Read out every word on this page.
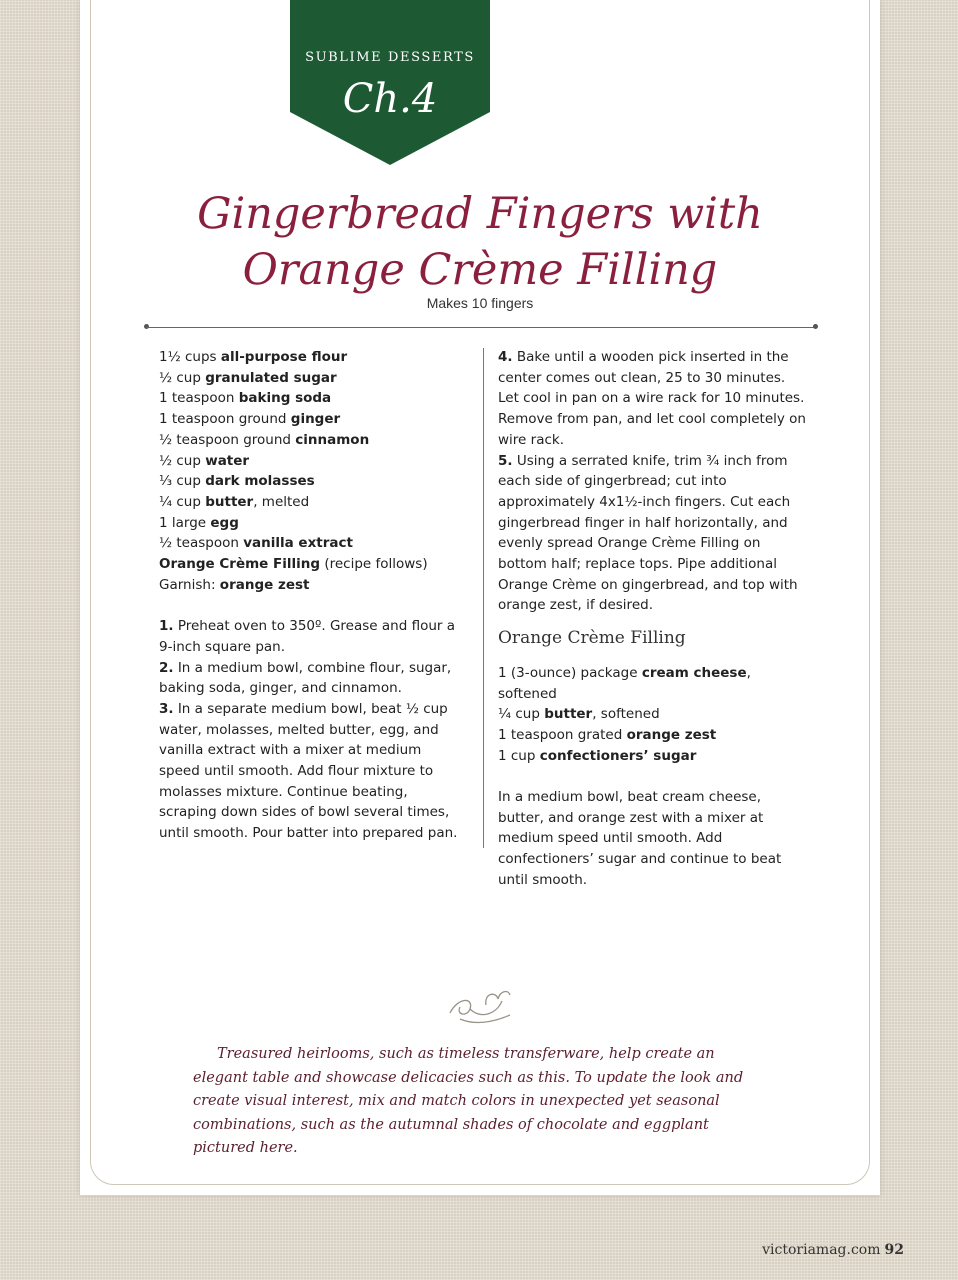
SUBLIME DESSERTS
Ch.4
Gingerbread Fingers with
Orange Crème Filling
Makes 10 fingers

1½ cups all-purpose flour

½ cup granulated sugar

1 teaspoon baking soda

1 teaspoon ground ginger

½ teaspoon ground cinnamon

½ cup water

⅓ cup dark molasses

¼ cup butter, melted

1 large egg

½ teaspoon vanilla extract

Orange Crème Filling (recipe follows)

Garnish: orange zest

1. Preheat oven to 350º. Grease and flour a 9-inch square pan.

2. In a medium bowl, combine flour, sugar, baking soda, ginger, and cinnamon.

3. In a separate medium bowl, beat ½ cup water, molasses, melted butter, egg, and vanilla extract with a mixer at medium speed until smooth. Add flour mixture to molasses mixture. Continue beating, scraping down sides of bowl several times, until smooth. Pour batter into prepared pan.

4. Bake until a wooden pick inserted in the center comes out clean, 25 to 30 minutes. Let cool in pan on a wire rack for 10 minutes. Remove from pan, and let cool completely on wire rack.

5. Using a serrated knife, trim ¾ inch from each side of gingerbread; cut into approximately 4x1½-inch fingers. Cut each gingerbread finger in half horizontally, and evenly spread Orange Crème Filling on bottom half; replace tops. Pipe additional Orange Crème on gingerbread, and top with orange zest, if desired.

Orange Crème Filling

1 (3-ounce) package cream cheese, softened

¼ cup butter, softened

1 teaspoon grated orange zest

1 cup confectioners’ sugar

In a medium bowl, beat cream cheese, butter, and orange zest with a mixer at medium speed until smooth. Add confectioners’ sugar and continue to beat until smooth.

Treasured heirlooms, such as timeless transferware, help create an elegant table and showcase delicacies such as this. To update the look and create visual interest, mix and match colors in unexpected yet seasonal combinations, such as the autumnal shades of chocolate and eggplant pictured here.

victoriamag.com 92
